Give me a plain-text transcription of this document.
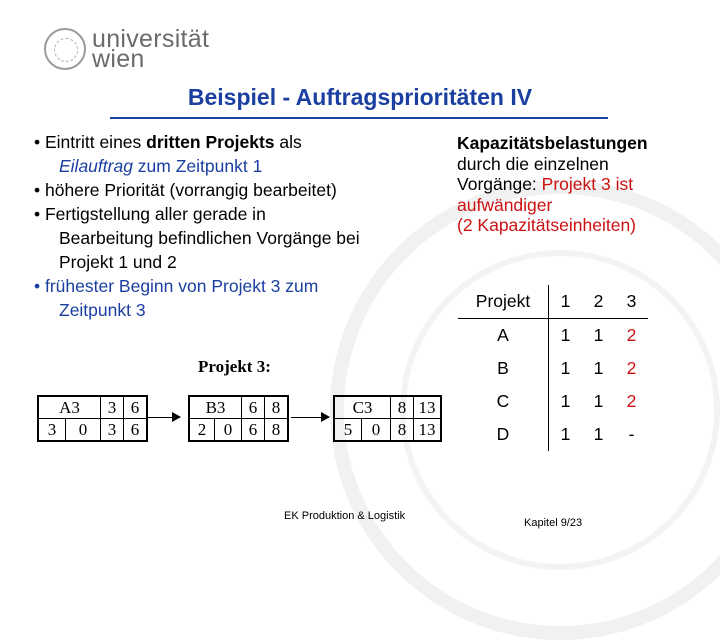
universität
wien
Beispiel - Auftragsprioritäten IV
• Eintritt eines dritten Projekts als
Eilauftrag zum Zeitpunkt 1
• höhere Priorität (vorrangig bearbeitet)
• Fertigstellung aller gerade in
Bearbeitung befindlichen Vorgänge bei
Projekt 1 und 2
• frühester Beginn von Projekt 3 zum
Zeitpunkt 3
Kapazitätsbelastungen
durch die einzelnen
Vorgänge: Projekt 3 ist
aufwändiger
(2 Kapazitätseinheiten)
Projekt 3:
A3		3	6
3	0	3	6
B3		6	8
2	0	6	8
C3		8	13
5	0	8	13
Projekt	1	2	3
A	1	1	2
B	1	1	2
C	1	1	2
D	1	1	-
EK Produktion & Logistik
Kapitel 9/23
